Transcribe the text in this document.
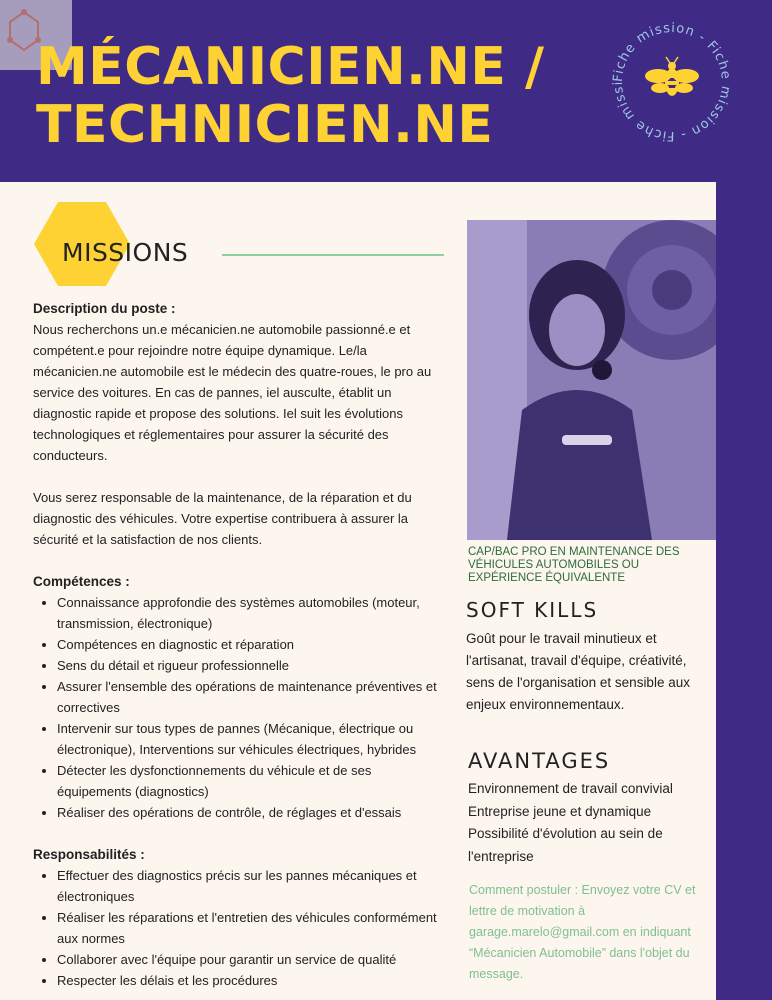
MÉCANICIEN.NE /
TECHNICIEN.NE
Fiche mission - Fiche mission - Fiche missi
MISSIONS
Description du poste :

Nous recherchons un.e mécanicien.ne automobile passionné.e et compétent.e pour rejoindre notre équipe dynamique. Le/la mécanicien.ne automobile est le médecin des quatre-roues, le pro au service des voitures. En cas de pannes, iel ausculte, établit un diagnostic rapide et propose des solutions. Iel suit les évolutions technologiques et réglementaires pour assurer la sécurité des conducteurs.

Vous serez responsable de la maintenance, de la réparation et du diagnostic des véhicules. Votre expertise contribuera à assurer la sécurité et la satisfaction de nos clients.

Compétences :
• Connaissance approfondie des systèmes automobiles (moteur, transmission, électronique)
• Compétences en diagnostic et réparation
• Sens du détail et rigueur professionnelle
• Assurer l'ensemble des opérations de maintenance préventives et correctives
• Intervenir sur tous types de pannes (Mécanique, électrique ou électronique), Interventions sur véhicules électriques, hybrides
• Détecter les dysfonctionnements du véhicule et de ses équipements (diagnostics)
• Réaliser des opérations de contrôle, de réglages et d'essais
Responsabilités :
• Effectuer des diagnostics précis sur les pannes mécaniques et électroniques
• Réaliser les réparations et l'entretien des véhicules conformément aux normes
• Collaborer avec l'équipe pour garantir un service de qualité
• Respecter les délais et les procédures
CAP/BAC PRO EN MAINTENANCE DES VÉHICULES AUTOMOBILES OU EXPÉRIENCE ÉQUIVALENTE
SOFT KILLS
Goût pour le travail minutieux et l'artisanat, travail d'équipe, créativité, sens de l'organisation et sensible aux enjeux environnementaux.
AVANTAGES
Environnement de travail convivial
Entreprise jeune et dynamique
Possibilité d'évolution au sein de l'entreprise
Comment postuler : Envoyez votre CV et lettre de motivation à garage.marelo@gmail.com en indiquant “Mécanicien Automobile” dans l'objet du message.
